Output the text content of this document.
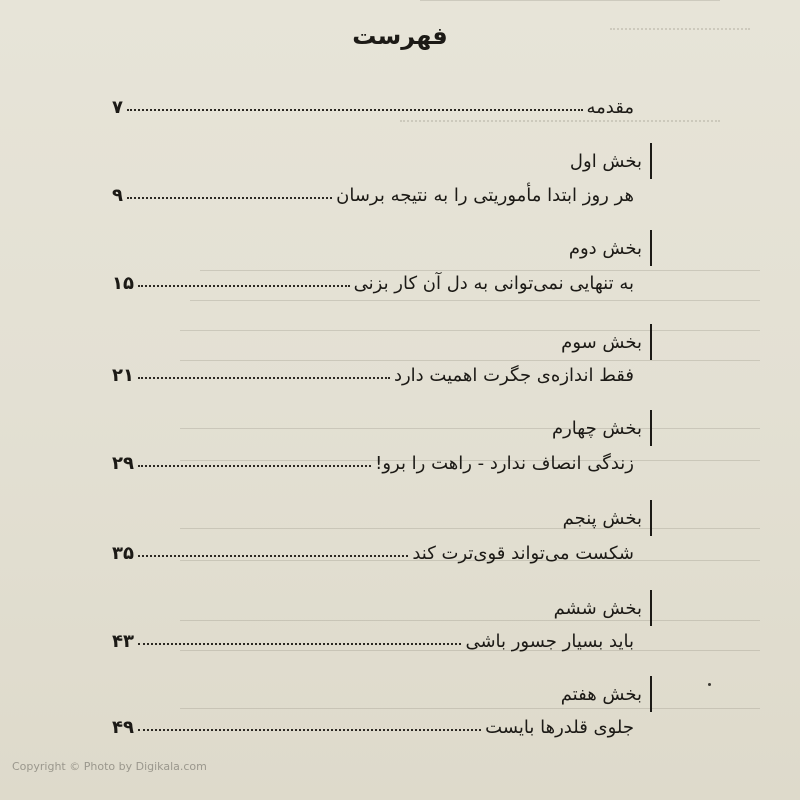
فهرست
مقدمه
۷
بخش اول
هر روز ابتدا مأموریتی را به نتیجه برسان
۹
بخش دوم
به تنهایی نمی‌توانی به دل آن کار بزنی
۱۵
بخش سوم
فقط اندازه‌ی جگرت اهمیت دارد
۲۱
بخش چهارم
زندگی انصاف ندارد - راهت را برو!
۲۹
بخش پنجم
شکست می‌تواند قوی‌ترت کند
۳۵
بخش ششم
باید بسیار جسور باشی
۴۳
بخش هفتم
جلوی قلدرها بایست
۴۹
Copyright © Photo by Digikala.com
